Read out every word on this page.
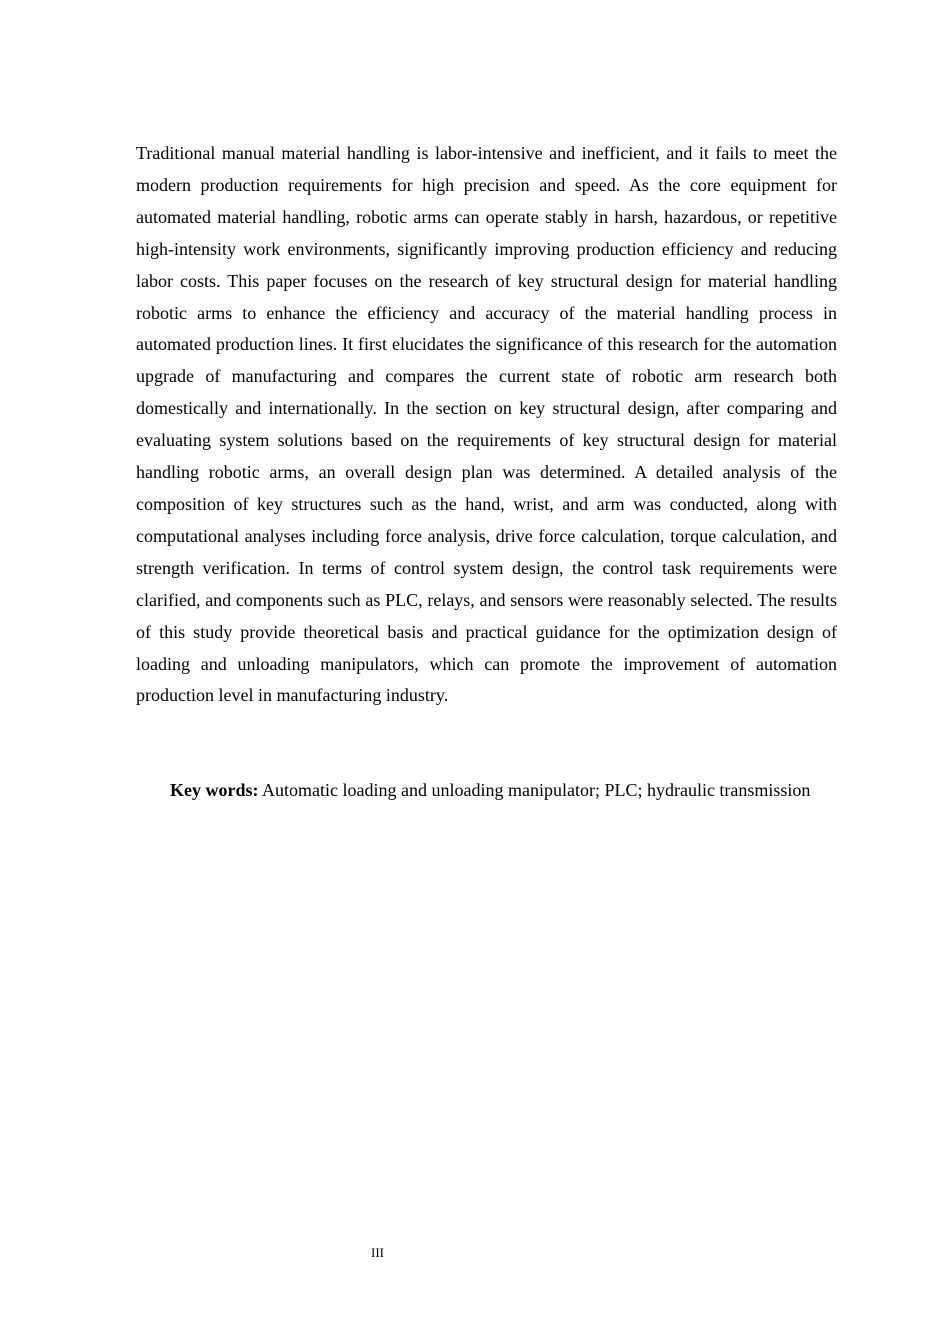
Traditional manual material handling is labor-intensive and inefficient, and it fails to meet the modern production requirements for high precision and speed. As the core equipment for automated material handling, robotic arms can operate stably in harsh, hazardous, or repetitive high-intensity work environments, significantly improving production efficiency and reducing labor costs. This paper focuses on the research of key structural design for material handling robotic arms to enhance the efficiency and accuracy of the material handling process in automated production lines. It first elucidates the significance of this research for the automation upgrade of manufacturing and compares the current state of robotic arm research both domestically and internationally. In the section on key structural design, after comparing and evaluating system solutions based on the requirements of key structural design for material handling robotic arms, an overall design plan was determined. A detailed analysis of the composition of key structures such as the hand, wrist, and arm was conducted, along with computational analyses including force analysis, drive force calculation, torque calculation, and strength verification. In terms of control system design, the control task requirements were clarified, and components such as PLC, relays, and sensors were reasonably selected. The results of this study provide theoretical basis and practical guidance for the optimization design of loading and unloading manipulators, which can promote the improvement of automation production level in manufacturing industry.

Key words: Automatic loading and unloading manipulator; PLC; hydraulic transmission

III
